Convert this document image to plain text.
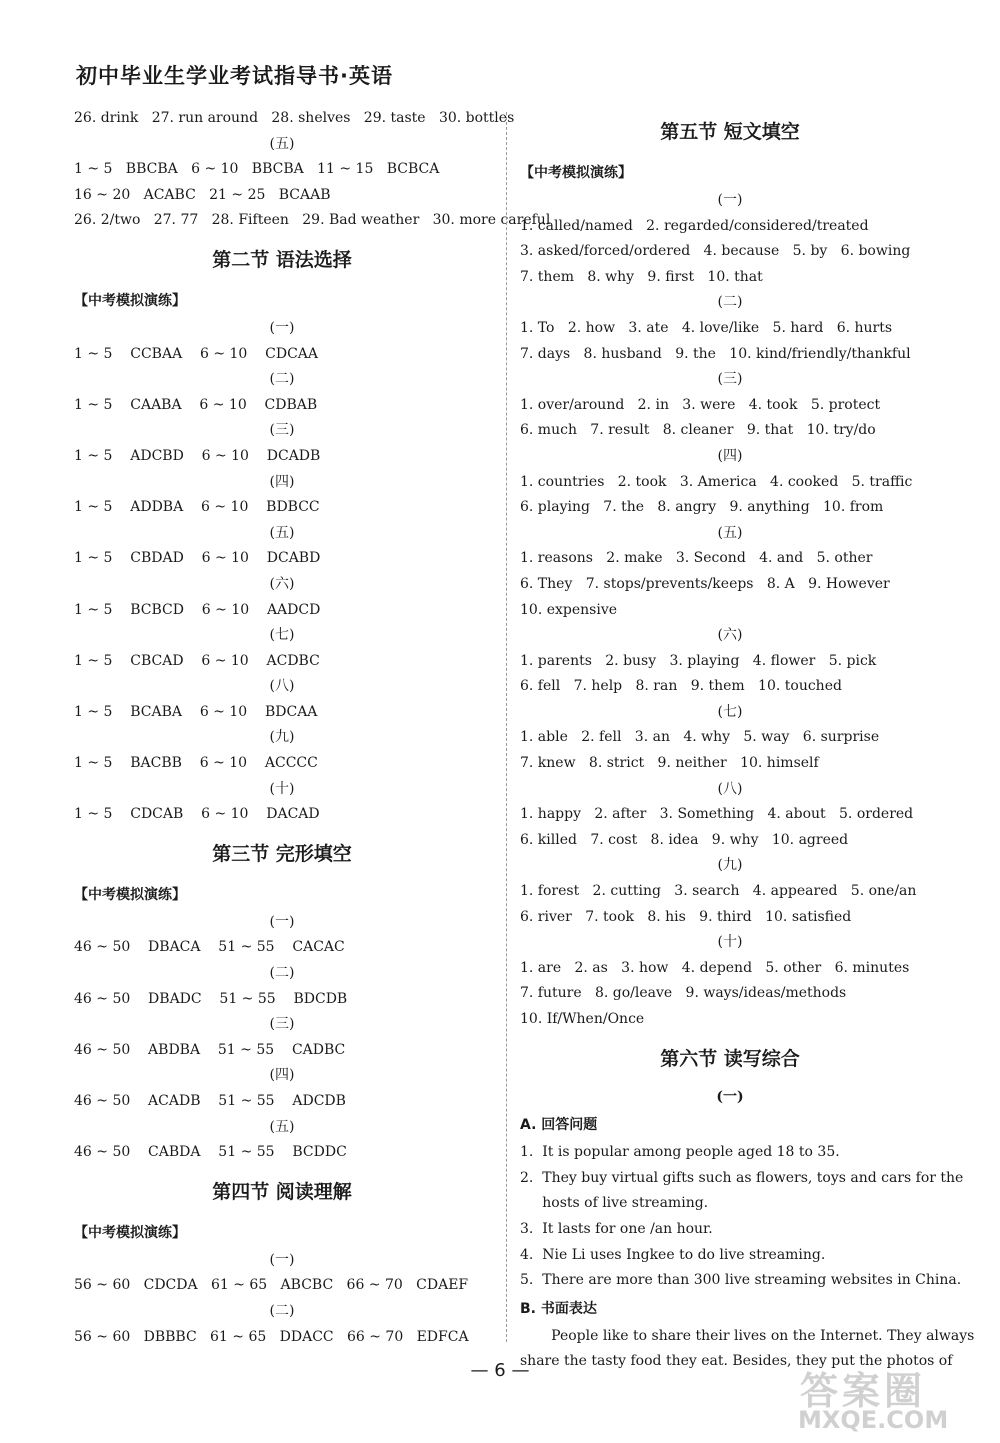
初中毕业生学业考试指导书·英语
26. drink   27. run around   28. shelves   29. taste   30. bottles
(五)
1 ~ 5   BBCBA   6 ~ 10   BBCBA   11 ~ 15   BCBCA
16 ~ 20   ACABC   21 ~ 25   BCAAB
26. 2/two   27. 77   28. Fifteen   29. Bad weather   30. more careful
第二节 语法选择
【中考模拟演练】
(一)
1 ~ 5    CCBAA    6 ~ 10    CDCAA
(二)
1 ~ 5    CAABA    6 ~ 10    CDBAB
(三)
1 ~ 5    ADCBD    6 ~ 10    DCADB
(四)
1 ~ 5    ADDBA    6 ~ 10    BDBCC
(五)
1 ~ 5    CBDAD    6 ~ 10    DCABD
(六)
1 ~ 5    BCBCD    6 ~ 10    AADCD
(七)
1 ~ 5    CBCAD    6 ~ 10    ACDBC
(八)
1 ~ 5    BCABA    6 ~ 10    BDCAA
(九)
1 ~ 5    BACBB    6 ~ 10    ACCCC
(十)
1 ~ 5    CDCAB    6 ~ 10    DACAD
第三节 完形填空
【中考模拟演练】
(一)
46 ~ 50    DBACA    51 ~ 55    CACAC
(二)
46 ~ 50    DBADC    51 ~ 55    BDCDB
(三)
46 ~ 50    ABDBA    51 ~ 55    CADBC
(四)
46 ~ 50    ACADB    51 ~ 55    ADCDB
(五)
46 ~ 50    CABDA    51 ~ 55    BCDDC
第四节 阅读理解
【中考模拟演练】
(一)
56 ~ 60   CDCDA   61 ~ 65   ABCBC   66 ~ 70   CDAEF
(二)
56 ~ 60   DBBBC   61 ~ 65   DDACC   66 ~ 70   EDFCA
第五节 短文填空
【中考模拟演练】
(一)
1. called/named   2. regarded/considered/treated
3. asked/forced/ordered   4. because   5. by   6. bowing
7. them   8. why   9. first   10. that
(二)
1. To   2. how   3. ate   4. love/like   5. hard   6. hurts
7. days   8. husband   9. the   10. kind/friendly/thankful
(三)
1. over/around   2. in   3. were   4. took   5. protect
6. much   7. result   8. cleaner   9. that   10. try/do
(四)
1. countries   2. took   3. America   4. cooked   5. traffic
6. playing   7. the   8. angry   9. anything   10. from
(五)
1. reasons   2. make   3. Second   4. and   5. other
6. They   7. stops/prevents/keeps   8. A   9. However
10. expensive
(六)
1. parents   2. busy   3. playing   4. flower   5. pick
6. fell   7. help   8. ran   9. them   10. touched
(七)
1. able   2. fell   3. an   4. why   5. way   6. surprise
7. knew   8. strict   9. neither   10. himself
(八)
1. happy   2. after   3. Something   4. about   5. ordered
6. killed   7. cost   8. idea   9. why   10. agreed
(九)
1. forest   2. cutting   3. search   4. appeared   5. one/an
6. river   7. took   8. his   9. third   10. satisfied
(十)
1. are   2. as   3. how   4. depend   5. other   6. minutes
7. future   8. go/leave   9. ways/ideas/methods
10. If/When/Once
第六节 读写综合
(一)
A. 回答问题
1.  It is popular among people aged 18 to 35.
2.  They buy virtual gifts such as flowers, toys and cars for the
hosts of live streaming.
3.  It lasts for one /an hour.
4.  Nie Li uses Ingkee to do live streaming.
5.  There are more than 300 live streaming websites in China.
B. 书面表达
People like to share their lives on the Internet. They always
share the tasty food they eat. Besides, they put the photos of
— 6 —	答案圈
MXQE.COM
